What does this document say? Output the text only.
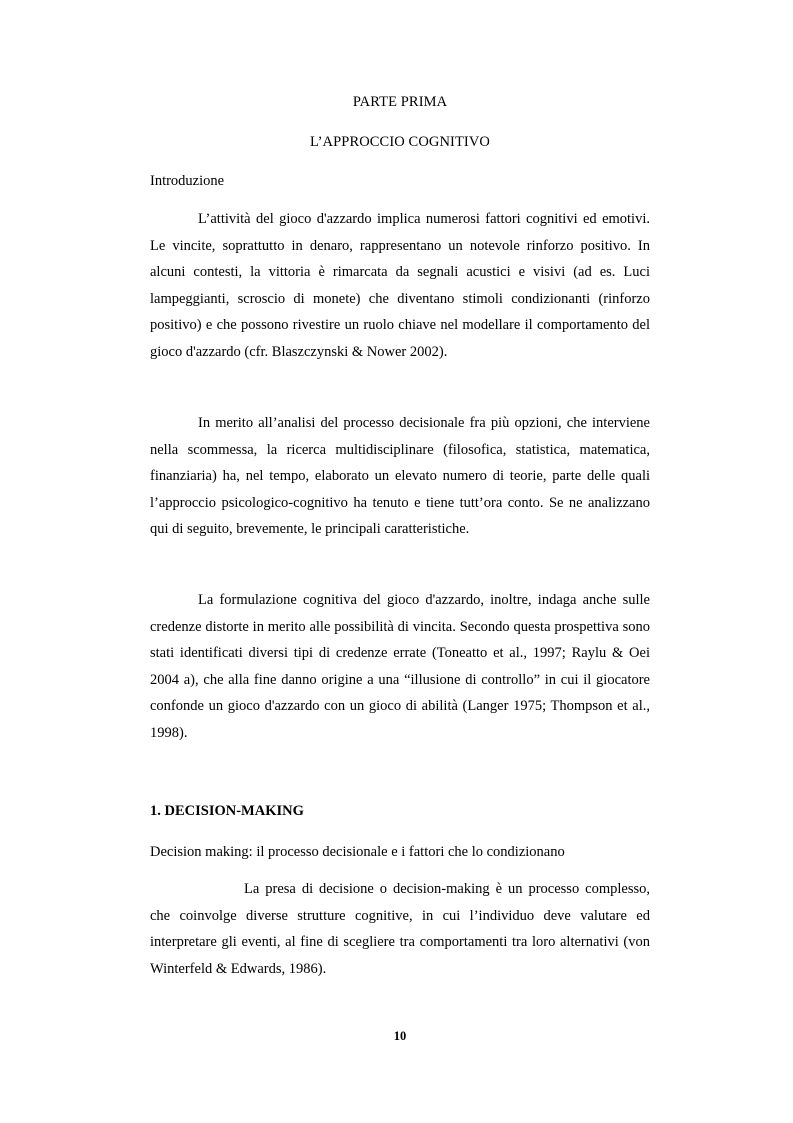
PARTE PRIMA
L’APPROCCIO COGNITIVO
Introduzione

L’attività del gioco d'azzardo implica numerosi fattori cognitivi ed emotivi. Le vincite, soprattutto in denaro, rappresentano un notevole rinforzo positivo. In alcuni contesti, la vittoria è rimarcata da segnali acustici e visivi (ad es. Luci lampeggianti, scroscio di monete) che diventano stimoli condizionanti (rinforzo positivo) e che possono rivestire un ruolo chiave nel modellare il comportamento del gioco d'azzardo (cfr. Blaszczynski & Nower 2002).

In merito all’analisi del processo decisionale fra più opzioni, che interviene nella scommessa, la ricerca multidisciplinare (filosofica, statistica, matematica, finanziaria) ha, nel tempo, elaborato un elevato numero di teorie, parte delle quali l’approccio psicologico-cognitivo ha tenuto e tiene tutt’ora conto. Se ne analizzano qui di seguito, brevemente, le principali caratteristiche.

La formulazione cognitiva del gioco d'azzardo, inoltre, indaga anche sulle credenze distorte in merito alle possibilità di vincita. Secondo questa prospettiva sono stati identificati diversi tipi di credenze errate (Toneatto et al., 1997; Raylu & Oei 2004 a), che alla fine danno origine a una “illusione di controllo” in cui il giocatore confonde un gioco d'azzardo con un gioco di abilità (Langer 1975; Thompson et al., 1998).

1. DECISION-MAKING
Decision making: il processo decisionale e i fattori che lo condizionano

La presa di decisione o decision-making è un processo complesso, che coinvolge diverse strutture cognitive, in cui l’individuo deve valutare ed interpretare gli eventi, al fine di scegliere tra comportamenti tra loro alternativi (von Winterfeld & Edwards, 1986).

10
